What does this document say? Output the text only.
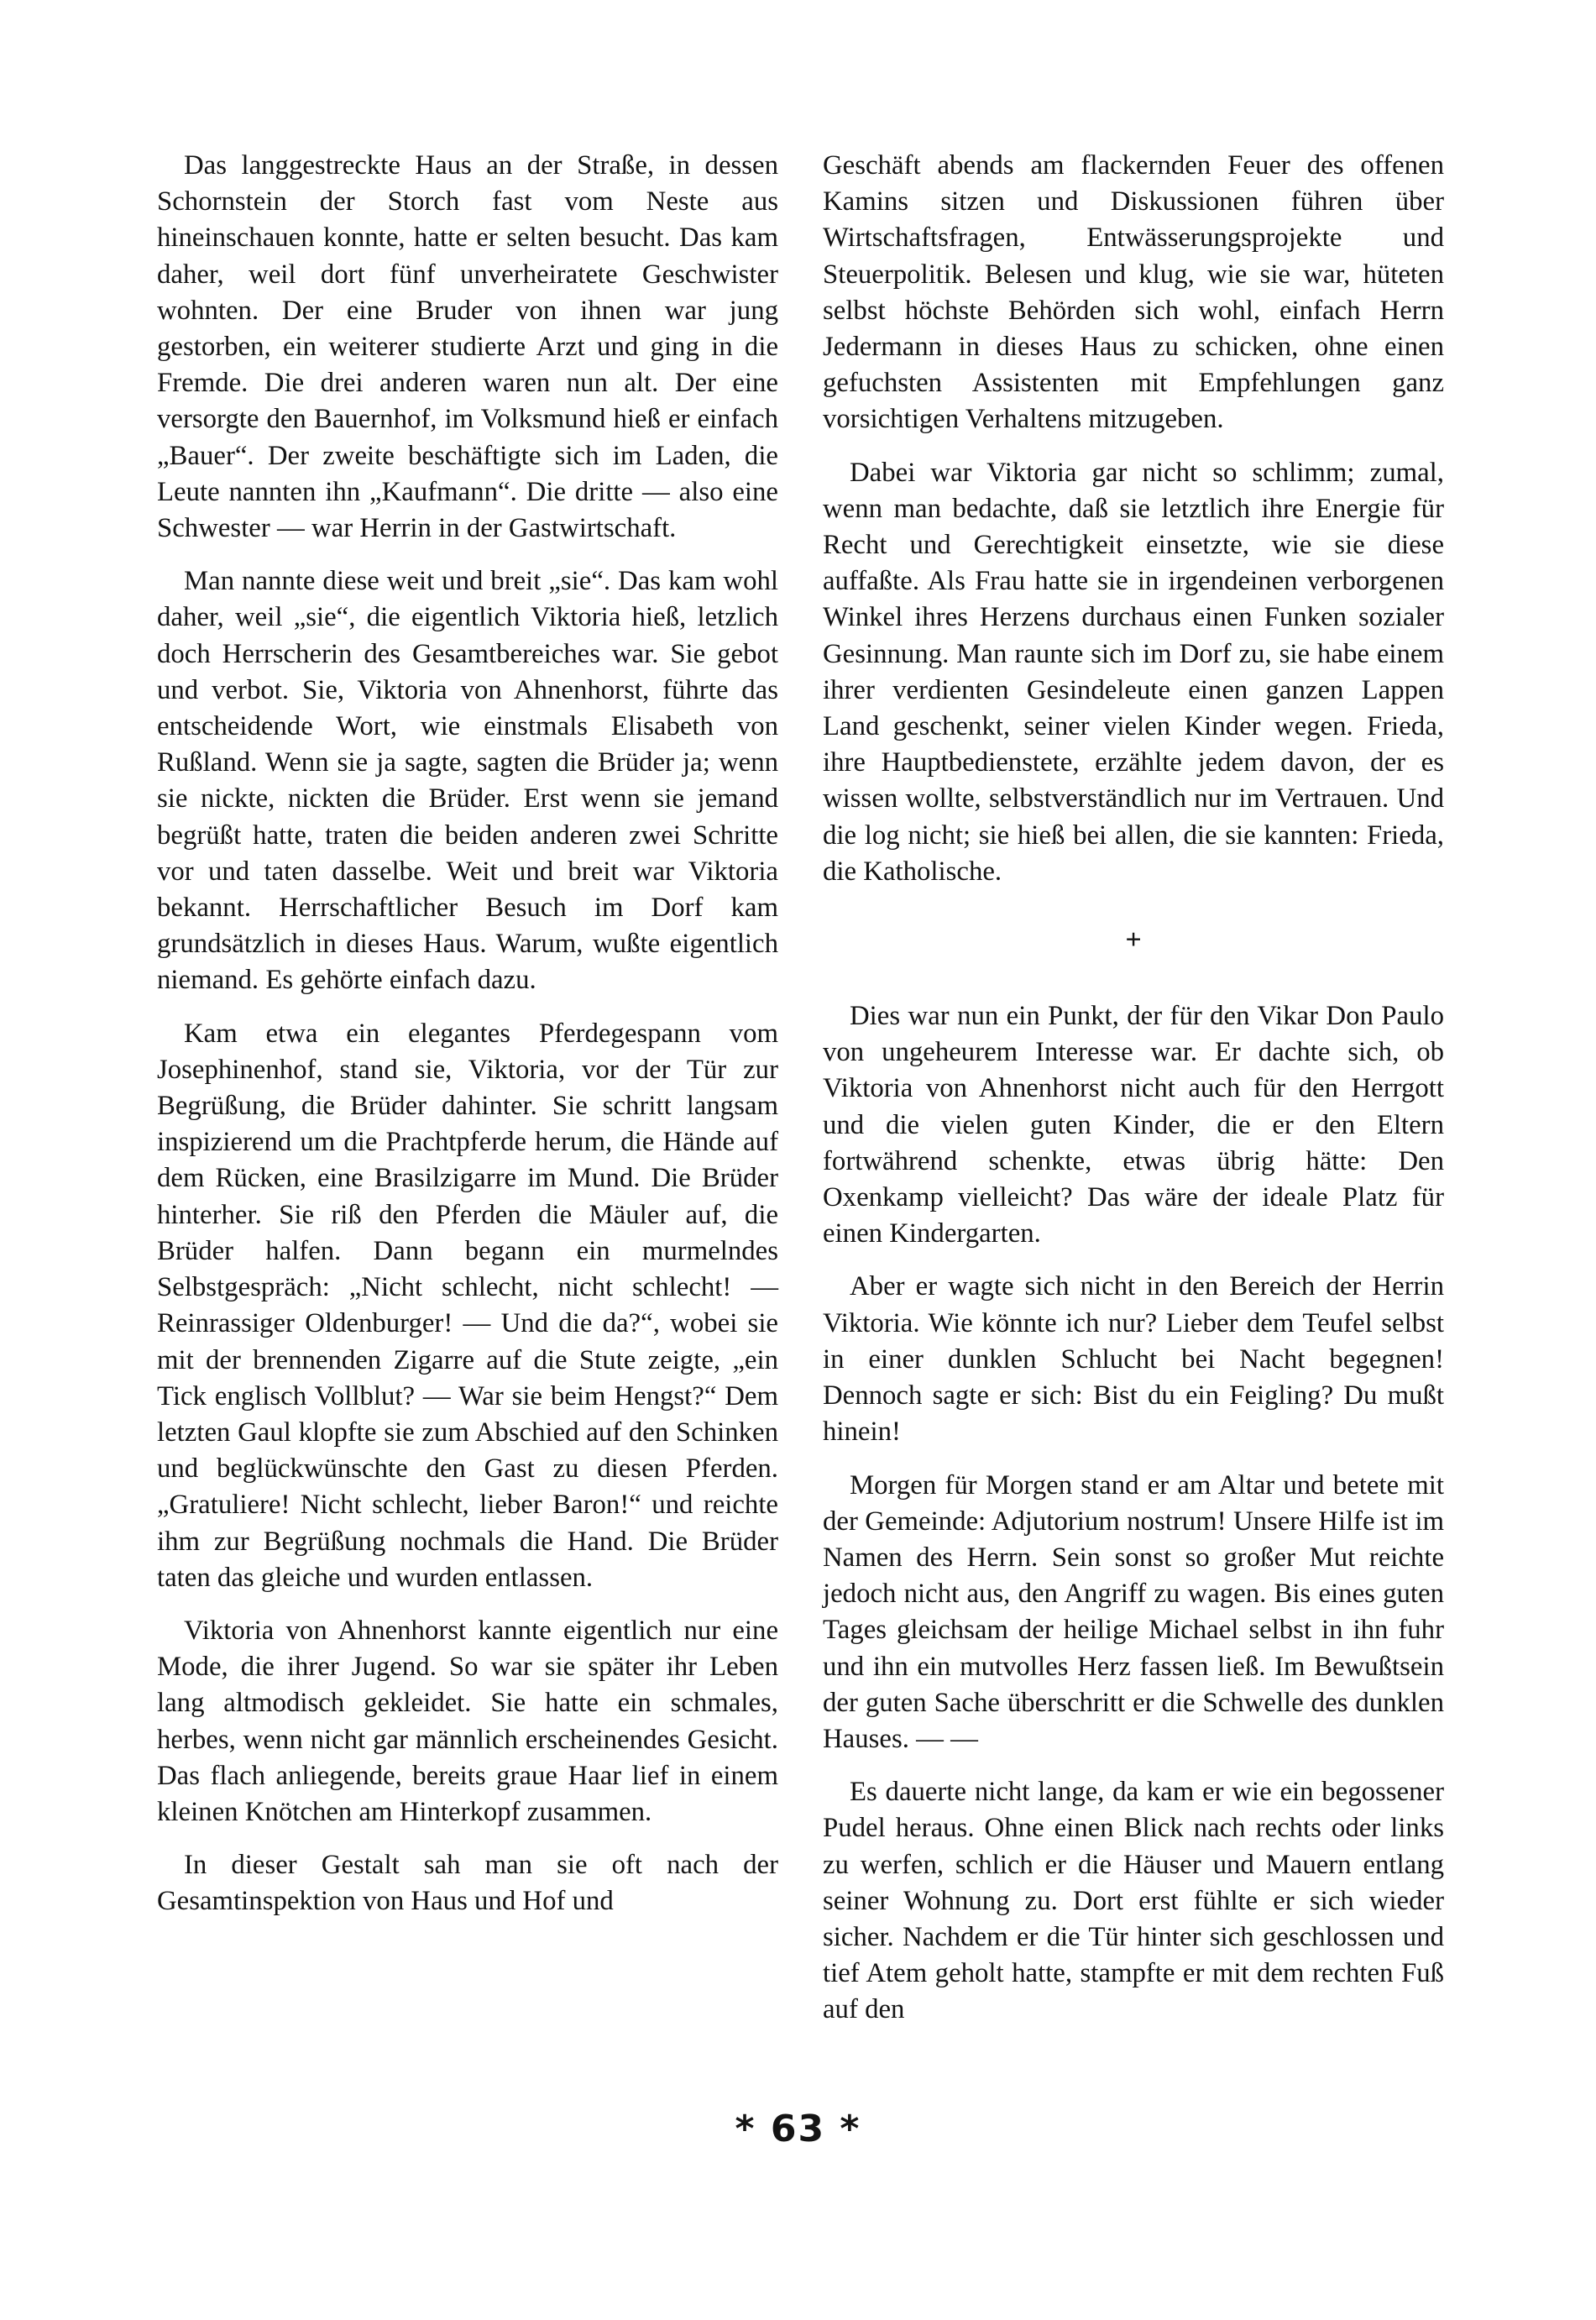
Das langgestreckte Haus an der Straße, in dessen Schornstein der Storch fast vom Neste aus hineinschauen konnte, hatte er selten besucht. Das kam daher, weil dort fünf unverheiratete Geschwister wohnten. Der eine Bruder von ihnen war jung gestorben, ein weiterer studierte Arzt und ging in die Fremde. Die drei anderen waren nun alt. Der eine versorgte den Bauernhof, im Volksmund hieß er einfach „Bauer“. Der zweite beschäftigte sich im Laden, die Leute nannten ihn „Kaufmann“. Die dritte — also eine Schwester — war Herrin in der Gastwirtschaft.

Man nannte diese weit und breit „sie“. Das kam wohl daher, weil „sie“, die eigentlich Viktoria hieß, letzlich doch Herrscherin des Gesamtbereiches war. Sie gebot und verbot. Sie, Viktoria von Ahnenhorst, führte das entscheidende Wort, wie einstmals Elisabeth von Rußland. Wenn sie ja sagte, sagten die Brüder ja; wenn sie nickte, nickten die Brüder. Erst wenn sie jemand begrüßt hatte, traten die beiden anderen zwei Schritte vor und taten dasselbe. Weit und breit war Viktoria bekannt. Herrschaftlicher Besuch im Dorf kam grundsätzlich in dieses Haus. Warum, wußte eigentlich niemand. Es gehörte einfach dazu.

Kam etwa ein elegantes Pferdegespann vom Josephinenhof, stand sie, Viktoria, vor der Tür zur Begrüßung, die Brüder dahinter. Sie schritt langsam inspizierend um die Prachtpferde herum, die Hände auf dem Rücken, eine Brasilzigarre im Mund. Die Brüder hinterher. Sie riß den Pferden die Mäuler auf, die Brüder halfen. Dann begann ein murmelndes Selbstgespräch: „Nicht schlecht, nicht schlecht! — Reinrassiger Oldenburger! — Und die da?“, wobei sie mit der brennenden Zigarre auf die Stute zeigte, „ein Tick englisch Vollblut? — War sie beim Hengst?“ Dem letzten Gaul klopfte sie zum Abschied auf den Schinken und beglückwünschte den Gast zu diesen Pferden. „Gratuliere! Nicht schlecht, lieber Baron!“ und reichte ihm zur Begrüßung nochmals die Hand. Die Brüder taten das gleiche und wurden entlassen.

Viktoria von Ahnenhorst kannte eigentlich nur eine Mode, die ihrer Jugend. So war sie später ihr Leben lang altmodisch gekleidet. Sie hatte ein schmales, herbes, wenn nicht gar männlich erscheinendes Gesicht. Das flach anliegende, bereits graue Haar lief in einem kleinen Knötchen am Hinterkopf zusammen.

In dieser Gestalt sah man sie oft nach der Gesamtinspektion von Haus und Hof und

Geschäft abends am flackernden Feuer des offenen Kamins sitzen und Diskussionen führen über Wirtschaftsfragen, Entwässerungsprojekte und Steuerpolitik. Belesen und klug, wie sie war, hüteten selbst höchste Behörden sich wohl, einfach Herrn Jedermann in dieses Haus zu schicken, ohne einen gefuchsten Assistenten mit Empfehlungen ganz vorsichtigen Verhaltens mitzugeben.

Dabei war Viktoria gar nicht so schlimm; zumal, wenn man bedachte, daß sie letztlich ihre Energie für Recht und Gerechtigkeit einsetzte, wie sie diese auffaßte. Als Frau hatte sie in irgendeinen verborgenen Winkel ihres Herzens durchaus einen Funken sozialer Gesinnung. Man raunte sich im Dorf zu, sie habe einem ihrer verdienten Gesindeleute einen ganzen Lappen Land geschenkt, seiner vielen Kinder wegen. Frieda, ihre Hauptbedienstete, erzählte jedem davon, der es wissen wollte, selbstverständlich nur im Vertrauen. Und die log nicht; sie hieß bei allen, die sie kannten: Frieda, die Katholische.

+

Dies war nun ein Punkt, der für den Vikar Don Paulo von ungeheurem Interesse war. Er dachte sich, ob Viktoria von Ahnenhorst nicht auch für den Herrgott und die vielen guten Kinder, die er den Eltern fortwährend schenkte, etwas übrig hätte: Den Oxenkamp vielleicht? Das wäre der ideale Platz für einen Kindergarten.

Aber er wagte sich nicht in den Bereich der Herrin Viktoria. Wie könnte ich nur? Lieber dem Teufel selbst in einer dunklen Schlucht bei Nacht begegnen! Dennoch sagte er sich: Bist du ein Feigling? Du mußt hinein!

Morgen für Morgen stand er am Altar und betete mit der Gemeinde: Adjutorium nostrum! Unsere Hilfe ist im Namen des Herrn. Sein sonst so großer Mut reichte jedoch nicht aus, den Angriff zu wagen. Bis eines guten Tages gleichsam der heilige Michael selbst in ihn fuhr und ihn ein mutvolles Herz fassen ließ. Im Bewußtsein der guten Sache überschritt er die Schwelle des dunklen Hauses. — —

Es dauerte nicht lange, da kam er wie ein begossener Pudel heraus. Ohne einen Blick nach rechts oder links zu werfen, schlich er die Häuser und Mauern entlang seiner Wohnung zu. Dort erst fühlte er sich wieder sicher. Nachdem er die Tür hinter sich geschlossen und tief Atem geholt hatte, stampfte er mit dem rechten Fuß auf den

* 63 *
